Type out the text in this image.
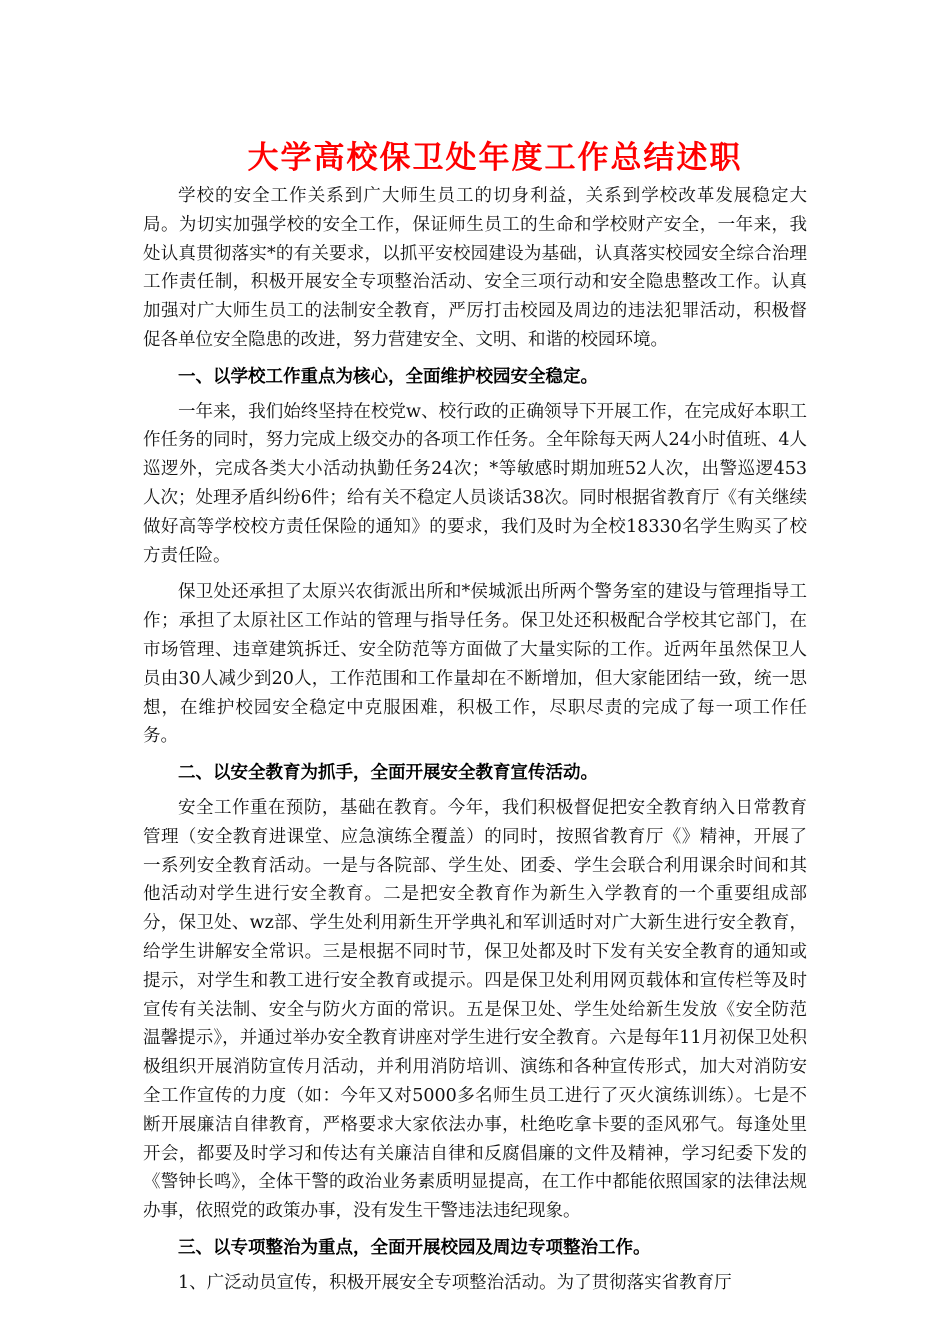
大学高校保卫处年度工作总结述职

学校的安全工作关系到广大师生员工的切身利益，关系到学校改革发展稳定大局。为切实加强学校的安全工作，保证师生员工的生命和学校财产安全，一年来，我处认真贯彻落实*的有关要求，以抓平安校园建设为基础，认真落实校园安全综合治理工作责任制，积极开展安全专项整治活动、安全三项行动和安全隐患整改工作。认真加强对广大师生员工的法制安全教育，严厉打击校园及周边的违法犯罪活动，积极督促各单位安全隐患的改进，努力营建安全、文明、和谐的校园环境。

一、以学校工作重点为核心，全面维护校园安全稳定。

一年来，我们始终坚持在校党w、校行政的正确领导下开展工作，在完成好本职工作任务的同时，努力完成上级交办的各项工作任务。全年除每天两人24小时值班、4人巡逻外，完成各类大小活动执勤任务24次；*等敏感时期加班52人次，出警巡逻453人次；处理矛盾纠纷6件；给有关不稳定人员谈话38次。同时根据省教育厅《有关继续做好高等学校校方责任保险的通知》的要求，我们及时为全校18330名学生购买了校方责任险。

保卫处还承担了太原兴农街派出所和*侯城派出所两个警务室的建设与管理指导工作；承担了太原社区工作站的管理与指导任务。保卫处还积极配合学校其它部门，在市场管理、违章建筑拆迁、安全防范等方面做了大量实际的工作。近两年虽然保卫人员由30人减少到20人，工作范围和工作量却在不断增加，但大家能团结一致，统一思想，在维护校园安全稳定中克服困难，积极工作，尽职尽责的完成了每一项工作任务。

二、以安全教育为抓手，全面开展安全教育宣传活动。

安全工作重在预防，基础在教育。今年，我们积极督促把安全教育纳入日常教育管理（安全教育进课堂、应急演练全覆盖）的同时，按照省教育厅《》精神，开展了一系列安全教育活动。一是与各院部、学生处、团委、学生会联合利用课余时间和其他活动对学生进行安全教育。二是把安全教育作为新生入学教育的一个重要组成部分，保卫处、wz部、学生处利用新生开学典礼和军训适时对广大新生进行安全教育，给学生讲解安全常识。三是根据不同时节，保卫处都及时下发有关安全教育的通知或提示，对学生和教工进行安全教育或提示。四是保卫处利用网页载体和宣传栏等及时宣传有关法制、安全与防火方面的常识。五是保卫处、学生处给新生发放《安全防范温馨提示》，并通过举办安全教育讲座对学生进行安全教育。六是每年11月初保卫处积极组织开展消防宣传月活动，并利用消防培训、演练和各种宣传形式，加大对消防安全工作宣传的力度（如：今年又对5000多名师生员工进行了灭火演练训练）。七是不断开展廉洁自律教育，严格要求大家依法办事，杜绝吃拿卡要的歪风邪气。每逢处里开会，都要及时学习和传达有关廉洁自律和反腐倡廉的文件及精神，学习纪委下发的《警钟长鸣》，全体干警的政治业务素质明显提高，在工作中都能依照国家的法律法规办事，依照党的政策办事，没有发生干警违法违纪现象。

三、以专项整治为重点，全面开展校园及周边专项整治工作。

1、广泛动员宣传，积极开展安全专项整治活动。为了贯彻落实省教育厅
